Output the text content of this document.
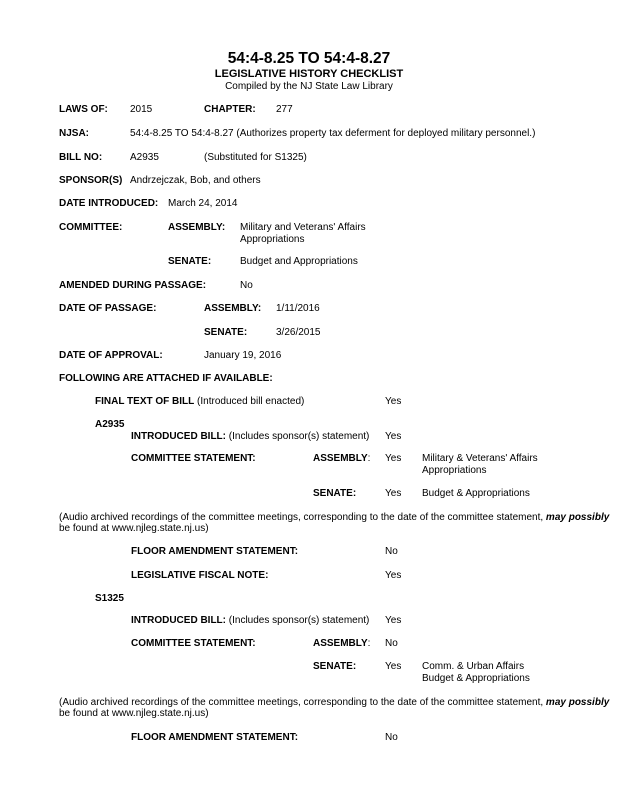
54:4-8.25 TO 54:4-8.27
LEGISLATIVE HISTORY CHECKLIST
Compiled by the NJ State Law Library
LAWS OF: 2015	CHAPTER: 277
NJSA:	54:4-8.25 TO 54:4-8.27 (Authorizes property tax deferment for deployed military personnel.)
BILL NO:	A2935	(Substituted for S1325)
SPONSOR(S) Andrzejczak, Bob, and others
DATE INTRODUCED: March 24, 2014
COMMITTEE:	ASSEMBLY: Military and Veterans' Affairs
Appropriations
SENATE:	Budget and Appropriations
AMENDED DURING PASSAGE:	No
DATE OF PASSAGE:	ASSEMBLY: 1/11/2016
SENATE:	3/26/2015
DATE OF APPROVAL:	January 19, 2016
FOLLOWING ARE ATTACHED IF AVAILABLE:
FINAL TEXT OF BILL (Introduced bill enacted)	Yes
A2935
INTRODUCED BILL: (Includes sponsor(s) statement) Yes
COMMITTEE STATEMENT:	ASSEMBLY: Yes Military & Veterans' Affairs
Appropriations
SENATE:	Yes Budget & Appropriations
(Audio archived recordings of the committee meetings, corresponding to the date of the committee statement, may possibly
be found at www.njleg.state.nj.us)
FLOOR AMENDMENT STATEMENT:	No
LEGISLATIVE FISCAL NOTE:	Yes
S1325
INTRODUCED BILL: (Includes sponsor(s) statement) Yes
COMMITTEE STATEMENT:	ASSEMBLY: No
SENATE:	Yes Comm. & Urban Affairs
Budget & Appropriations
(Audio archived recordings of the committee meetings, corresponding to the date of the committee statement, may possibly
be found at www.njleg.state.nj.us)
FLOOR AMENDMENT STATEMENT:	No
